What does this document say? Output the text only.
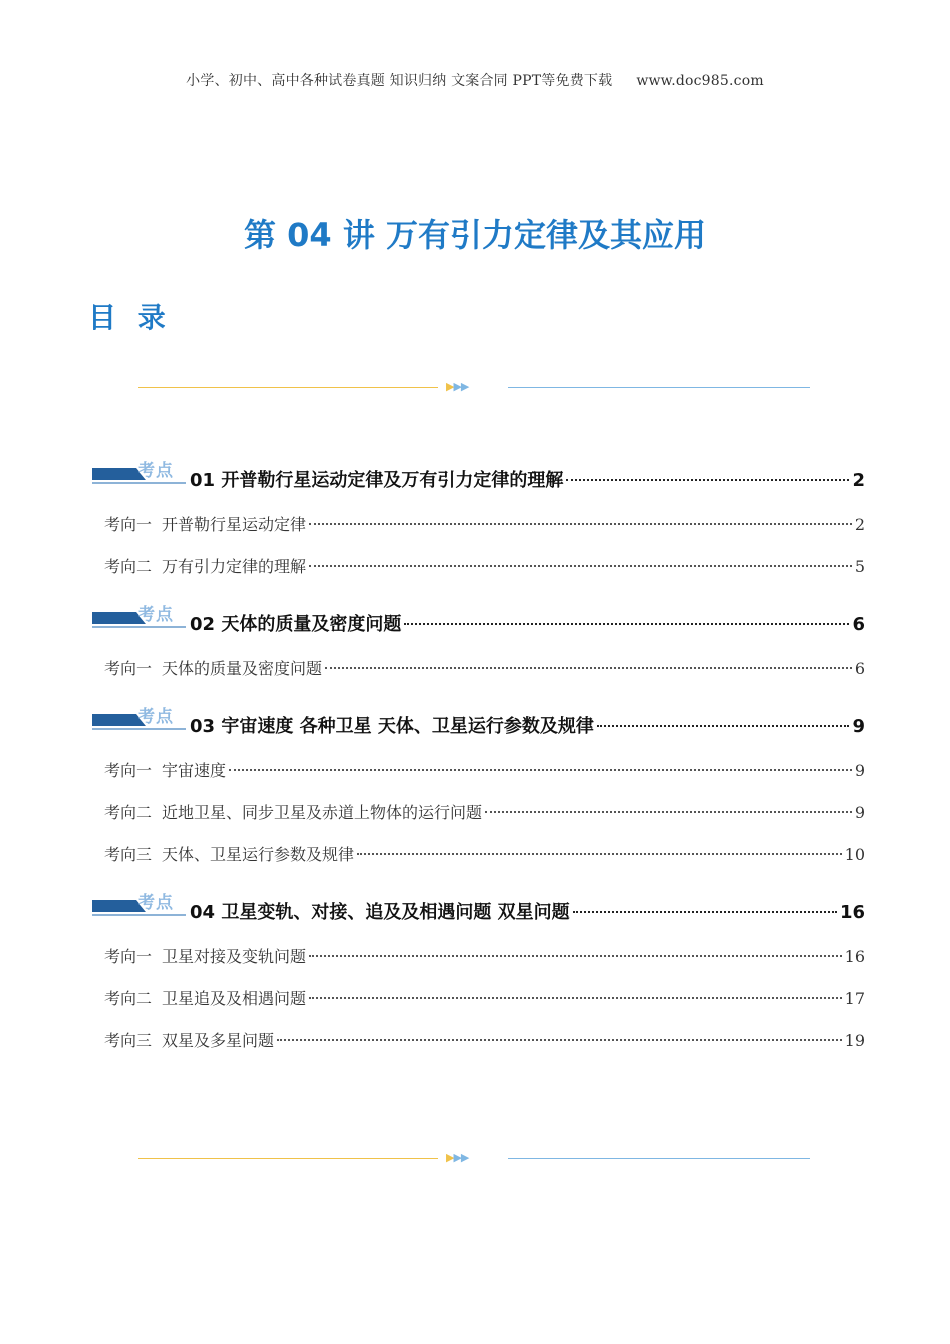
小学、初中、高中各种试卷真题 知识归纳 文案合同 PPT等免费下载 www.doc985.com
第 04 讲 万有引力定律及其应用
目 录
▶▶▶
考点 01 开普勒行星运动定律及万有引力定律的理解	2
考向一 开普勒行星运动定律	2
考向二 万有引力定律的理解	5
考点 02 天体的质量及密度问题	6
考向一 天体的质量及密度问题	6
考点 03 宇宙速度 各种卫星 天体、卫星运行参数及规律	9
考向一 宇宙速度	9
考向二 近地卫星、同步卫星及赤道上物体的运行问题	9
考向三 天体、卫星运行参数及规律	10
考点 04 卫星变轨、对接、追及及相遇问题 双星问题	16
考向一 卫星对接及变轨问题	16
考向二 卫星追及及相遇问题	17
考向三 双星及多星问题	19
▶▶▶
